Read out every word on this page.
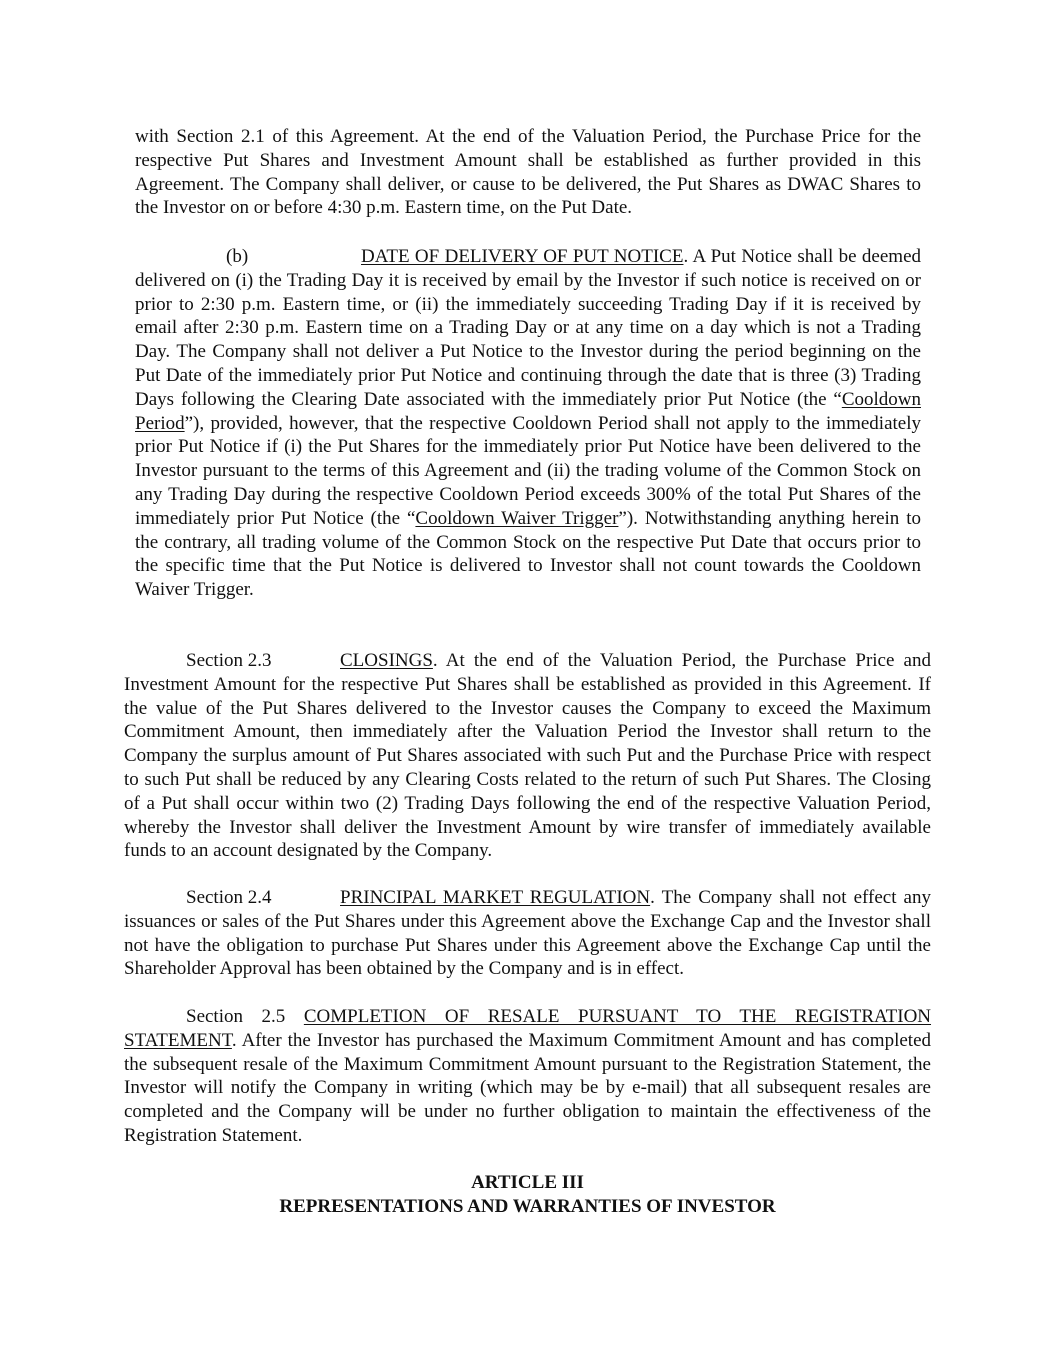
with Section 2.1 of this Agreement. At the end of the Valuation Period, the Purchase Price for the respective Put Shares and Investment Amount shall be established as further provided in this Agreement. The Company shall deliver, or cause to be delivered, the Put Shares as DWAC Shares to the Investor on or before 4:30 p.m. Eastern time, on the Put Date.

(b)	DATE OF DELIVERY OF PUT NOTICE. A Put Notice shall be deemed delivered on (i) the Trading Day it is received by email by the Investor if such notice is received on or prior to 2:30 p.m. Eastern time, or (ii) the immediately succeeding Trading Day if it is received by email after 2:30 p.m. Eastern time on a Trading Day or at any time on a day which is not a Trading Day. The Company shall not deliver a Put Notice to the Investor during the period beginning on the Put Date of the immediately prior Put Notice and continuing through the date that is three (3) Trading Days following the Clearing Date associated with the immediately prior Put Notice (the “Cooldown Period”), provided, however, that the respective Cooldown Period shall not apply to the immediately prior Put Notice if (i) the Put Shares for the immediately prior Put Notice have been delivered to the Investor pursuant to the terms of this Agreement and (ii) the trading volume of the Common Stock on any Trading Day during the respective Cooldown Period exceeds 300% of the total Put Shares of the immediately prior Put Notice (the “Cooldown Waiver Trigger”). Notwithstanding anything herein to the contrary, all trading volume of the Common Stock on the respective Put Date that occurs prior to the specific time that the Put Notice is delivered to Investor shall not count towards the Cooldown Waiver Trigger.

Section 2.3	CLOSINGS. At the end of the Valuation Period, the Purchase Price and Investment Amount for the respective Put Shares shall be established as provided in this Agreement. If the value of the Put Shares delivered to the Investor causes the Company to exceed the Maximum Commitment Amount, then immediately after the Valuation Period the Investor shall return to the Company the surplus amount of Put Shares associated with such Put and the Purchase Price with respect to such Put shall be reduced by any Clearing Costs related to the return of such Put Shares. The Closing of a Put shall occur within two (2) Trading Days following the end of the respective Valuation Period, whereby the Investor shall deliver the Investment Amount by wire transfer of immediately available funds to an account designated by the Company.

Section 2.4	PRINCIPAL MARKET REGULATION. The Company shall not effect any issuances or sales of the Put Shares under this Agreement above the Exchange Cap and the Investor shall not have the obligation to purchase Put Shares under this Agreement above the Exchange Cap until the Shareholder Approval has been obtained by the Company and is in effect.

Section 2.5 COMPLETION OF RESALE PURSUANT TO THE REGISTRATION STATEMENT. After the Investor has purchased the Maximum Commitment Amount and has completed the subsequent resale of the Maximum Commitment Amount pursuant to the Registration Statement, the Investor will notify the Company in writing (which may be by e-mail) that all subsequent resales are completed and the Company will be under no further obligation to maintain the effectiveness of the Registration Statement.

ARTICLE III
REPRESENTATIONS AND WARRANTIES OF INVESTOR
